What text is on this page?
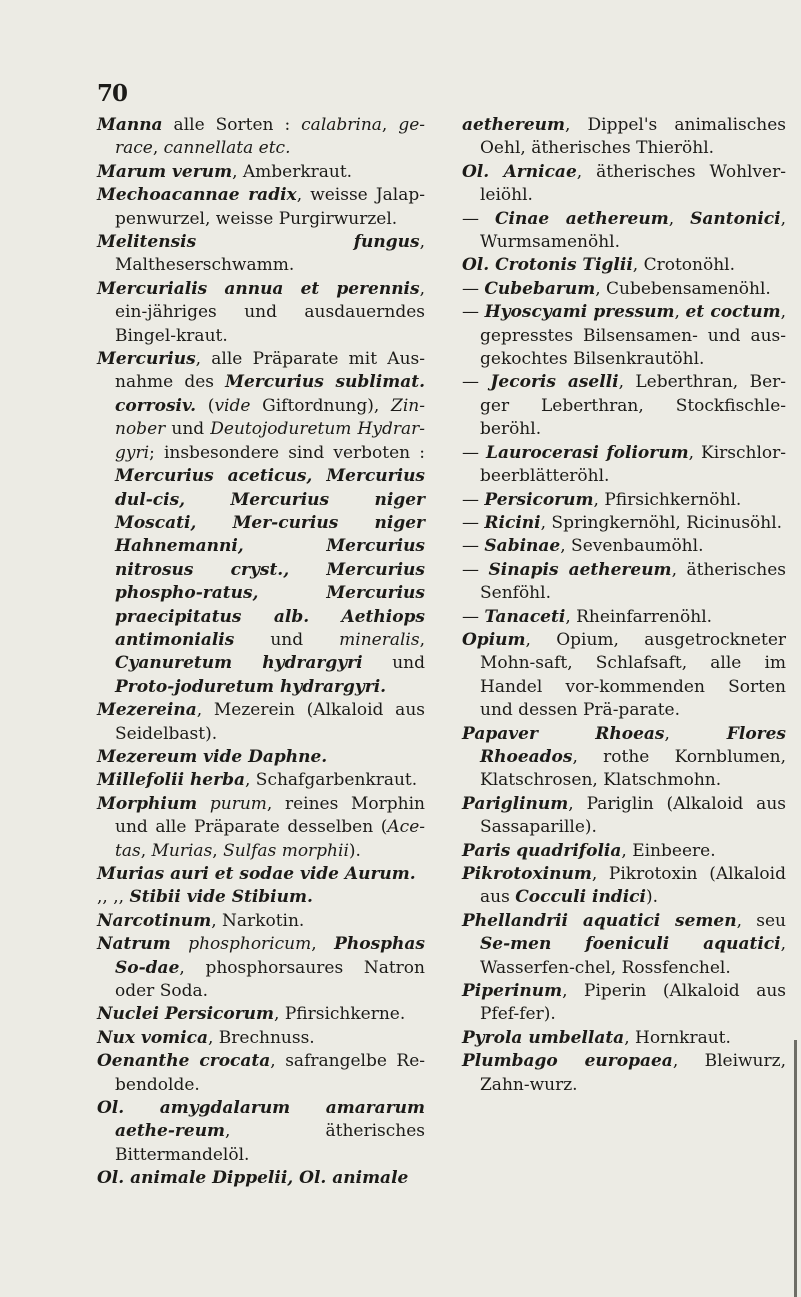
70

Manna alle Sorten : calabrina, ge-race, cannellata etc.

Marum verum, Amberkraut.

Mechoacannae radix, weisse Jalap-penwurzel, weisse Purgirwurzel.

Melitensis fungus, Maltheserschwamm.

Mercurialis annua et perennis, ein-jähriges und ausdauerndes Bingel-kraut.

Mercurius, alle Präparate mit Aus-nahme des Mercurius sublimat. corrosiv. (vide Giftordnung), Zin-nober und Deutojoduretum Hydrar-gyri; insbesondere sind verboten : Mercurius aceticus, Mercurius dul-cis, Mercurius niger Moscati, Mer-curius niger Hahnemanni, Mercurius nitrosus cryst., Mercurius phospho-ratus, Mercurius praecipitatus alb. Aethiops antimonialis und mineralis, Cyanuretum hydrargyri und Proto-joduretum hydrargyri.

Mezereina, Mezerein (Alkaloid aus Seidelbast).

Mezereum vide Daphne.

Millefolii herba, Schafgarbenkraut.

Morphium purum, reines Morphin und alle Präparate desselben (Ace-tas, Murias, Sulfas morphii).

Murias auri et sodae vide Aurum.

,, ,, Stibii vide Stibium.

Narcotinum, Narkotin.

Natrum phosphoricum, Phosphas So-dae, phosphorsaures Natron oder Soda.

Nuclei Persicorum, Pfirsichkerne.

Nux vomica, Brechnuss.

Oenanthe crocata, safrangelbe Re-bendolde.

Ol. amygdalarum amararum aethe-reum, ätherisches Bittermandelöl.

Ol. animale Dippelii, Ol. animale

aethereum, Dippel's animalisches Oehl, ätherisches Thieröhl.

Ol. Arnicae, ätherisches Wohlver-leiöhl.

— Cinae aethereum, Santonici, Wurmsamenöhl.

Ol. Crotonis Tiglii, Crotonöhl.

— Cubebarum, Cubebensamenöhl.

— Hyoscyami pressum, et coctum, gepresstes Bilsensamen- und aus-gekochtes Bilsenkrautöhl.

— Jecoris aselli, Leberthran, Ber-ger Leberthran, Stockfischle-beröhl.

— Laurocerasi foliorum, Kirschlor-beerblätteröhl.

— Persicorum, Pfirsichkernöhl.

— Ricini, Springkernöhl, Ricinusöhl.

— Sabinae, Sevenbaumöhl.

— Sinapis aethereum, ätherisches Senföhl.

— Tanaceti, Rheinfarrenöhl.

Opium, Opium, ausgetrockneter Mohn-saft, Schlafsaft, alle im Handel vor-kommenden Sorten und dessen Prä-parate.

Papaver Rhoeas, Flores Rhoeados, rothe Kornblumen, Klatschrosen, Klatschmohn.

Pariglinum, Pariglin (Alkaloid aus Sassaparille).

Paris quadrifolia, Einbeere.

Pikrotoxinum, Pikrotoxin (Alkaloid aus Cocculi indici).

Phellandrii aquatici semen, seu Se-men foeniculi aquatici, Wasserfen-chel, Rossfenchel.

Piperinum, Piperin (Alkaloid aus Pfef-fer).

Pyrola umbellata, Hornkraut.

Plumbago europaea, Bleiwurz, Zahn-wurz.
